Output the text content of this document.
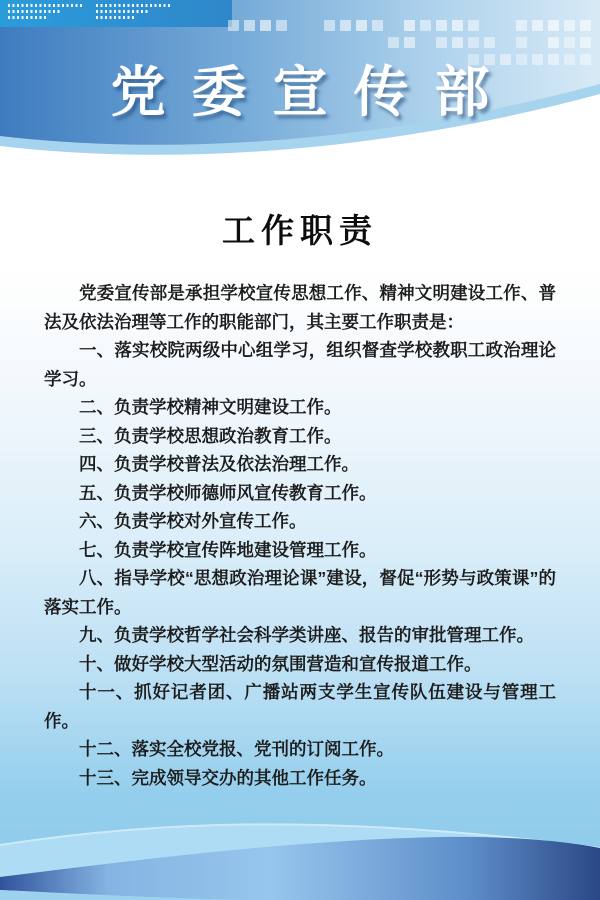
党委宣传部
工作职责

党委宣传部是承担学校宣传思想工作、精神文明建设工作、普法及依法治理等工作的职能部门，其主要工作职责是：

一、落实校院两级中心组学习，组织督查学校教职工政治理论学习。

二、负责学校精神文明建设工作。

三、负责学校思想政治教育工作。

四、负责学校普法及依法治理工作。

五、负责学校师德师风宣传教育工作。

六、负责学校对外宣传工作。

七、负责学校宣传阵地建设管理工作。

八、指导学校“思想政治理论课”建设，督促“形势与政策课”的落实工作。

九、负责学校哲学社会科学类讲座、报告的审批管理工作。

十、做好学校大型活动的氛围营造和宣传报道工作。

十一、抓好记者团、广播站两支学生宣传队伍建设与管理工作。

十二、落实全校党报、党刊的订阅工作。

十三、完成领导交办的其他工作任务。
